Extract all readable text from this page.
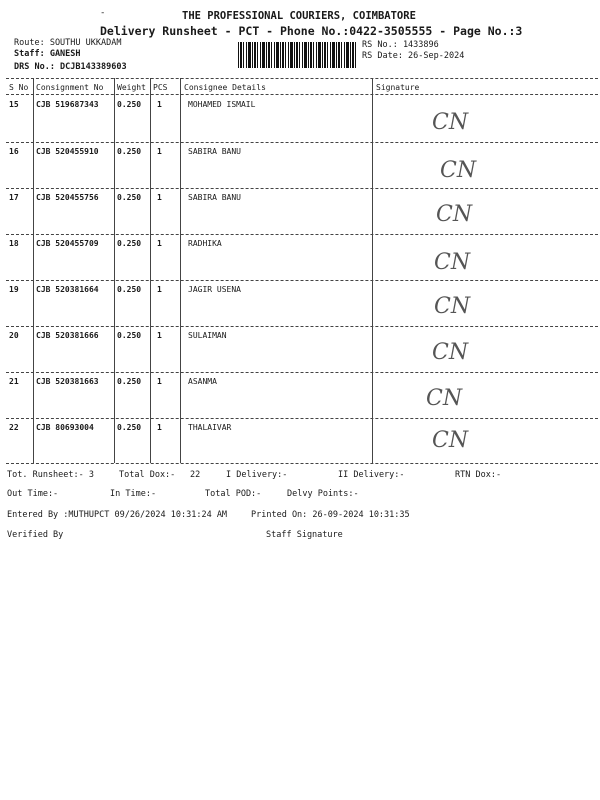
-	THE PROFESSIONAL COURIERS, COIMBATORE
Delivery Runsheet - PCT - Phone No.:0422-3505555 - Page No.:3
Route: SOUTHU UKKADAM
Staff: GANESH
DRS No.: DCJB143389603
RS No.: 1433896
RS Date: 26-Sep-2024
S No Consignment No Weight PCS Consignee Details	Signature
15 CJB 519687343 0.250 1	MOHAMED ISMAIL
CN
16 CJB 520455910 0.250 1	SABIRA BANU
CN
17 CJB 520455756 0.250 1	SABIRA BANU
CN
18 CJB 520455709 0.250 1	RADHIKA
CN
19 CJB 520381664 0.250 1	JAGIR USENA
CN
20 CJB 520381666 0.250 1	SULAIMAN
CN
21 CJB 520381663 0.250 1	ASANMA
CN
22 CJB 80693004	0.250 1	THALAIVAR
CN
Tot. Runsheet:- 3	Total Dox:- 22	I Delivery:-	II Delivery:-	RTN Dox:-
Out Time:-	In Time:-	Total POD:-	Delvy Points:-
Entered By :MUTHUPCT 09/26/2024 10:31:24 AM	Printed On: 26-09-2024 10:31:35
Verified By	Staff Signature
